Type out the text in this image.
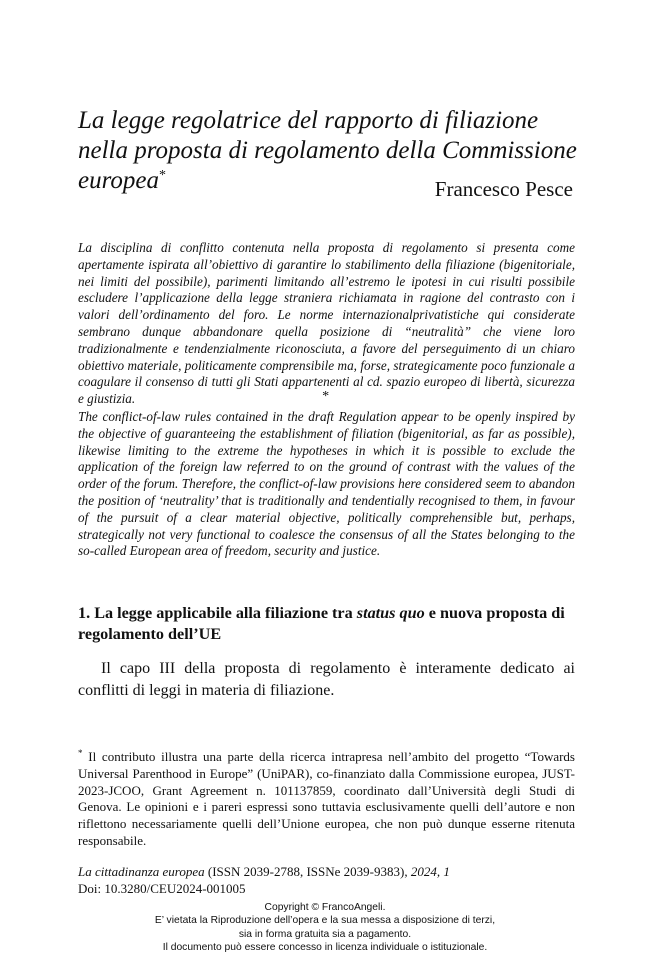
La legge regolatrice del rapporto di filiazione nella proposta di regolamento della Commissione europea*
Francesco Pesce

La disciplina di conflitto contenuta nella proposta di regolamento si presenta come apertamente ispirata all’obiettivo di garantire lo stabilimento della filiazione (bigenitoriale, nei limiti del possibile), parimenti limitando all’estremo le ipotesi in cui risulti possibile escludere l’applicazione della legge straniera richiamata in ragione del contrasto con i valori dell’ordinamento del foro. Le norme internazionalprivatistiche qui considerate sembrano dunque abbandonare quella posizione di “neutralità” che viene loro tradizionalmente e tendenzialmente riconosciuta, a favore del perseguimento di un chiaro obiettivo materiale, politicamente comprensibile ma, forse, strategicamente poco funzionale a coagulare il consenso di tutti gli Stati appartenenti al cd. spazio europeo di libertà, sicurezza e giustizia.	*

The conflict-of-law rules contained in the draft Regulation appear to be openly inspired by the objective of guaranteeing the establishment of filiation (bigenitorial, as far as possible), likewise limiting to the extreme the hypotheses in which it is possible to exclude the application of the foreign law referred to on the ground of contrast with the values of the order of the forum. Therefore, the conflict-of-law provisions here considered seem to abandon the position of ‘neutrality’ that is traditionally and tendentially recognised to them, in favour of the pursuit of a clear material objective, politically comprehensible but, perhaps, strategically not very functional to coalesce the consensus of all the States belonging to the so-called European area of freedom, security and justice.

1. La legge applicabile alla filiazione tra status quo e nuova proposta di regolamento dell’UE

Il capo III della proposta di regolamento è interamente dedicato ai conflitti di leggi in materia di filiazione.

* Il contributo illustra una parte della ricerca intrapresa nell’ambito del progetto “Towards Universal Parenthood in Europe” (UniPAR), co-finanziato dalla Commissione europea, JUST-2023-JCOO, Grant Agreement n. 101137859, coordinato dall’Università degli Studi di Genova. Le opinioni e i pareri espressi sono tuttavia esclusivamente quelli dell’autore e non riflettono necessariamente quelli dell’Unione europea, che non può dunque esserne ritenuta responsabile.

La cittadinanza europea (ISSN 2039-2788, ISSNe 2039-9383), 2024, 1
Doi: 10.3280/CEU2024-001005
Copyright © FrancoAngeli.
E’ vietata la Riproduzione dell’opera e la sua messa a disposizione di terzi,
sia in forma gratuita sia a pagamento.
Il documento può essere concesso in licenza individuale o istituzionale.
